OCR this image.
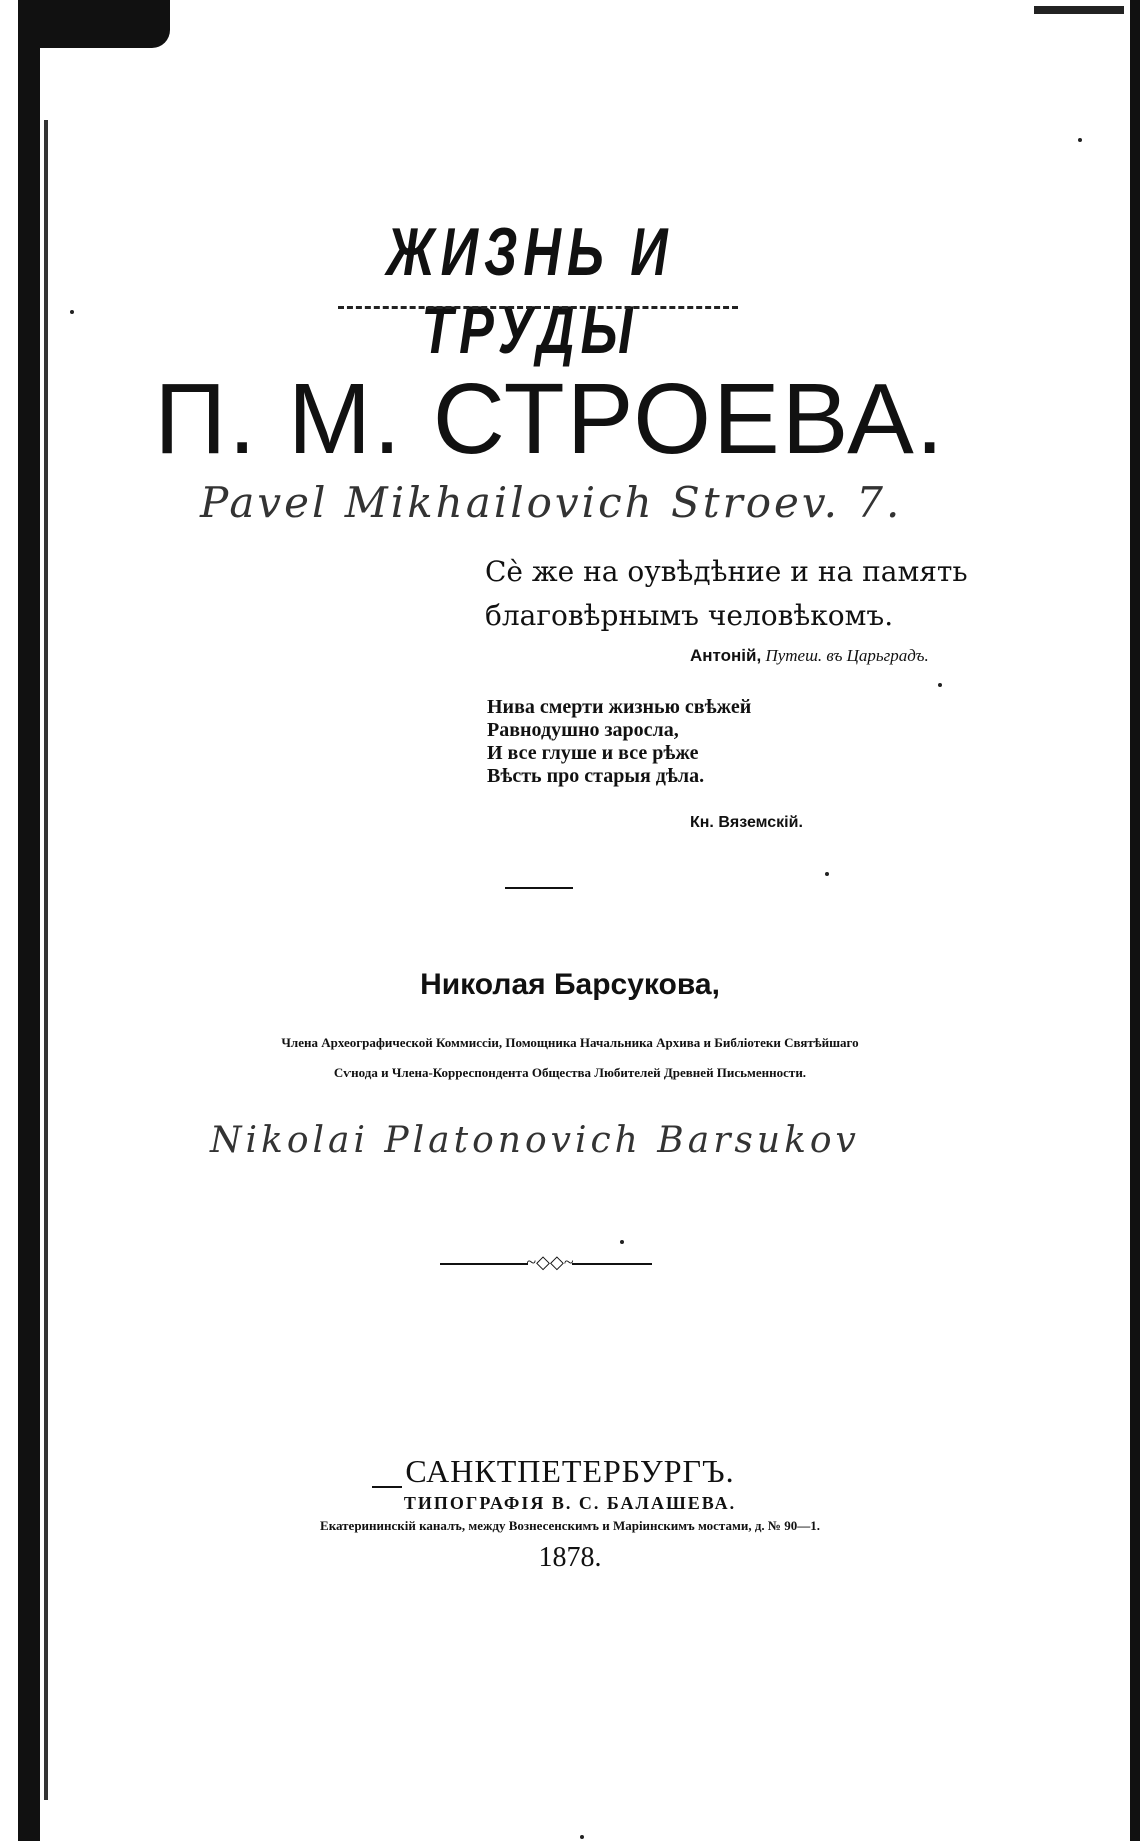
ЖИЗНЬ И ТРУДЫ
П. М. СТРОЕВА.
Pavel Mikhailovich Stroev. 7.
Сѐ же на оувѣдѣние и на память
благовѣрнымъ человѣкомъ.
Антоній, Путеш. въ Царьградъ.
Нива смерти жизнью свѣжей
Равнодушно заросла,
И все глуше и все рѣже
Вѣсть про старыя дѣла.
Кн. Вяземскій.
Николая Барсукова,
Члена Археографической Коммиссіи, Помощника Начальника Архива и Библіотеки Святѣйшаго
Сѵнода и Члена-Корреспондента Общества Любителей Древней Письменности.
Nikolai Platonovich Barsukov
~◇◇~
САНКТПЕТЕРБУРГЪ.
ТИПОГРАФІЯ В. С. БАЛАШЕВА.
Екатерининскій каналъ, между Вознесенскимъ и Маріинскимъ мостами, д. № 90—1.
1878.
